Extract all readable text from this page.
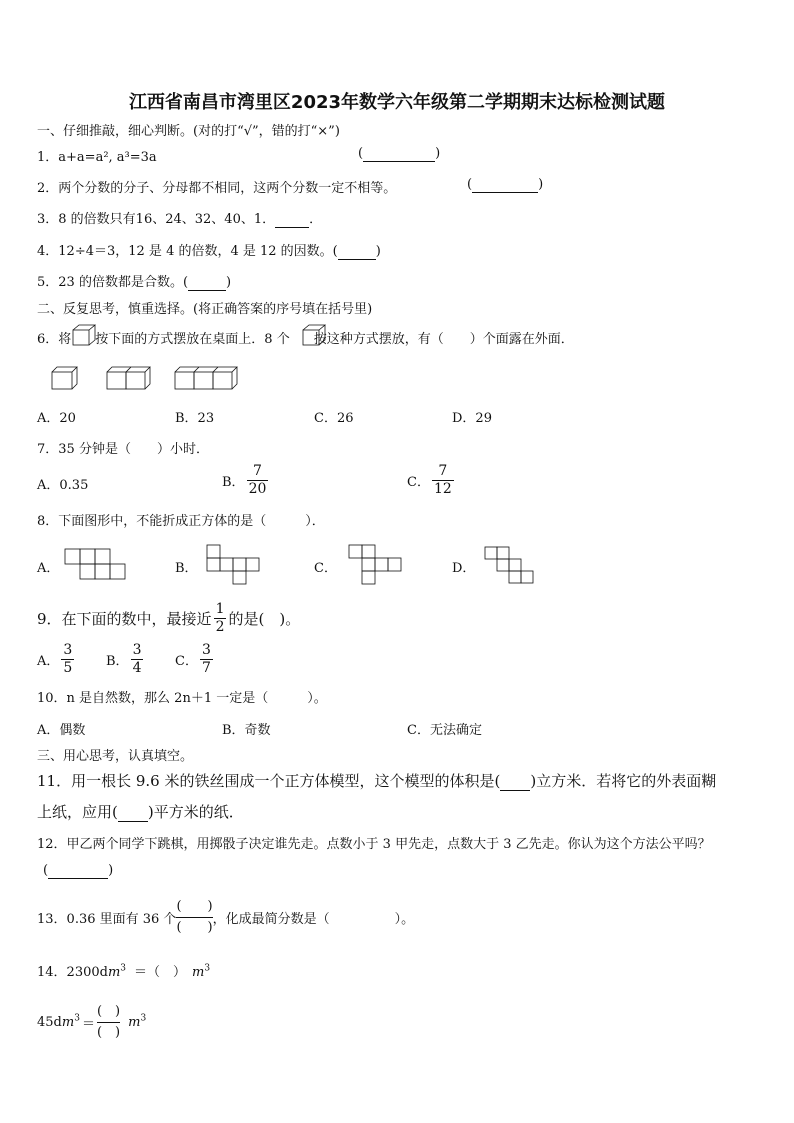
江西省南昌市湾里区2023年数学六年级第二学期期末达标检测试题
一、仔细推敲，细心判断。(对的打“√”，错的打“×”)
1．a+a=a², a³=3a	(	)
2．两个分数的分子、分母都不相同，这两个分数一定不相等。	(	)
3．8 的倍数只有16、24、32、40、1．	．
4．12÷4＝3，12 是 4 的倍数，4 是 12 的因数。(	)
5．23 的倍数都是合数。(	)
二、反复思考，慎重选择。(将正确答案的序号填在括号里)
6．将 按下面的方式摆放在桌面上．8 个 按这种方式摆放，有（ ）个面露在外面．
A．20	B．23	C．26	D．29
7．35 分钟是（　　）小时．
A．0.35	B． $\frac{7}{20}$	C． $\frac{7}{12}$
8．下面图形中，不能折成正方体的是（　　　）．
A．	B．	C．	D．
9．在下面的数中，最接近 $\frac{1}{2}$ 的是(　)。
A． $\frac{3}{5}$ B． $\frac{3}{4}$ C． $\frac{3}{7}$
10．n 是自然数，那么 2n＋1 一定是（　　　）。
A．偶数	B．奇数	C．无法确定
三、用心思考，认真填空。
11．用一根长 9.6 米的铁丝围成一个正方体模型，这个模型的体积是( )立方米．若将它的外表面糊
上纸，应用( )平方米的纸．
12．甲乙两个同学下跳棋，用掷骰子决定谁先走。点数小于 3 甲先走，点数大于 3 乙先走。你认为这个方法公平吗？
(	)
13．0.36 里面有 36 个 $\frac{( )}{( )}$ ，化成最简分数是（　　　　　）。
14．$2300dm^3$ ＝（　） $m^3$
$45dm^3 = \frac{( )}{( )} m^3$
